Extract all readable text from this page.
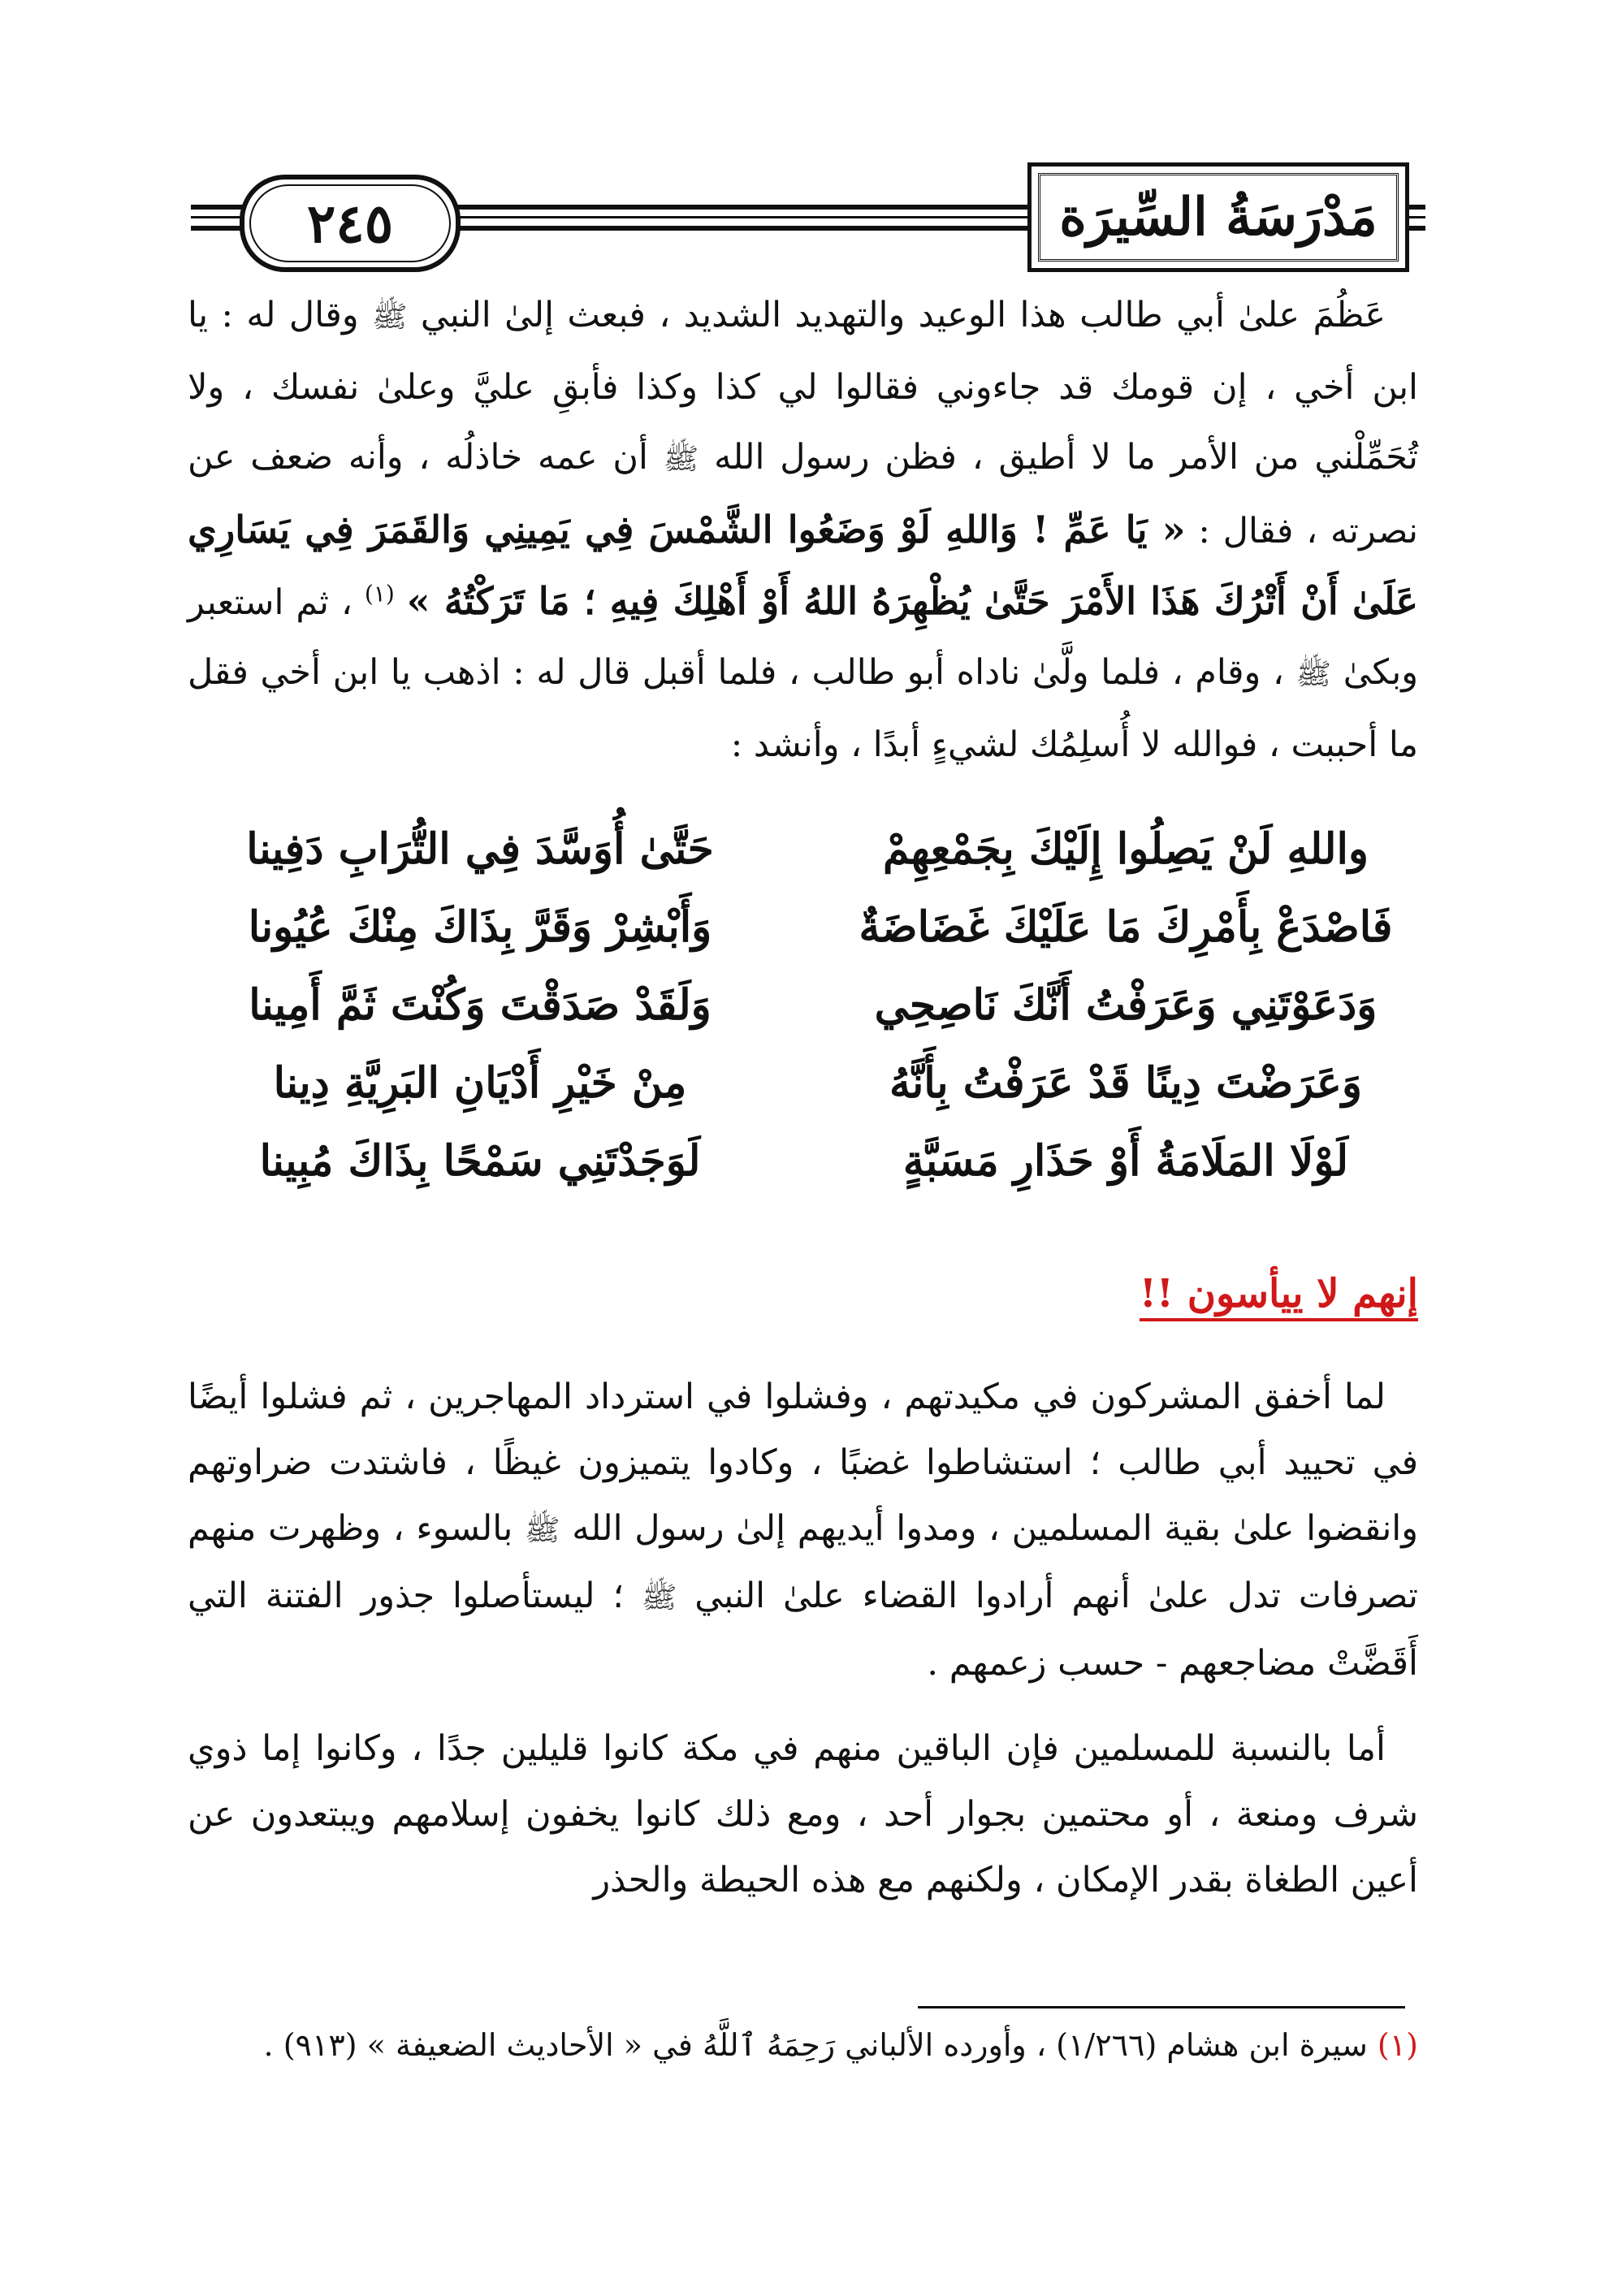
٢٤٥	مَدْرَسَةُ السِّيرَة

عَظُمَ علىٰ أبي طالب هذا الوعيد والتهديد الشديد ، فبعث إلىٰ النبي ﷺ وقال له : يا ابن أخي ، إن قومك قد جاءوني فقالوا لي كذا وكذا فأبقِ عليَّ وعلىٰ نفسك ، ولا تُحَمِّلْني من الأمر ما لا أطيق ، فظن رسول الله ﷺ أن عمه خاذلُه ، وأنه ضعف عن نصرته ، فقال : « يَا عَمِّ ! وَاللهِ لَوْ وَضَعُوا الشَّمْسَ فِي يَمِينِي وَالقَمَرَ فِي يَسَارِي عَلَىٰ أَنْ أَتْرُكَ هَذَا الأَمْرَ حَتَّىٰ يُظْهِرَهُ اللهُ أَوْ أَهْلِكَ فِيهِ ؛ مَا تَرَكْتُهُ » $^{(١)}$ ، ثم استعبر وبكىٰ ﷺ ، وقام ، فلما ولَّىٰ ناداه أبو طالب ، فلما أقبل قال له : اذهب يا ابن أخي فقل ما أحببت ، فوالله لا أُسلِمُك لشيءٍ أبدًا ، وأنشد :

واللهِ لَنْ يَصِلُوا إِلَيْكَ بِجَمْعِهِمْ
حَتَّىٰ أُوَسَّدَ فِي التُّرَابِ دَفِينا
فَاصْدَعْ بِأَمْرِكَ مَا عَلَيْكَ غَضَاضَةٌ
وَأَبْشِرْ وَقَرَّ بِذَاكَ مِنْكَ عُيُونا
وَدَعَوْتَنِي وَعَرَفْتُ أَنَّكَ نَاصِحِي
وَلَقَدْ صَدَقْتَ وَكُنْتَ ثَمَّ أَمِينا
وَعَرَضْتَ دِينًا قَدْ عَرَفْتُ بِأَنَّهُ
مِنْ خَيْرِ أَدْيَانِ البَرِيَّةِ دِينا
لَوْلَا المَلَامَةُ أَوْ حَذَارِ مَسَبَّةٍ
لَوَجَدْتَنِي سَمْحًا بِذَاكَ مُبِينا
إنهم لا ييأسون !!

لما أخفق المشركون في مكيدتهم ، وفشلوا في استرداد المهاجرين ، ثم فشلوا أيضًا في تحييد أبي طالب ؛ استشاطوا غضبًا ، وكادوا يتميزون غيظًا ، فاشتدت ضراوتهم وانقضوا علىٰ بقية المسلمين ، ومدوا أيديهم إلىٰ رسول الله ﷺ بالسوء ، وظهرت منهم تصرفات تدل علىٰ أنهم أرادوا القضاء علىٰ النبي ﷺ ؛ ليستأصلوا جذور الفتنة التي أَقَضَّتْ مضاجعهم - حسب زعمهم .

أما بالنسبة للمسلمين فإن الباقين منهم في مكة كانوا قليلين جدًا ، وكانوا إما ذوي شرف ومنعة ، أو محتمين بجوار أحد ، ومع ذلك كانوا يخفون إسلامهم ويبتعدون عن أعين الطغاة بقدر الإمكان ، ولكنهم مع هذه الحيطة والحذر

(١) سيرة ابن هشام (١/٢٦٦) ، وأورده الألباني رَحِمَهُ ٱللَّهُ في « الأحاديث الضعيفة » (٩١٣) .
